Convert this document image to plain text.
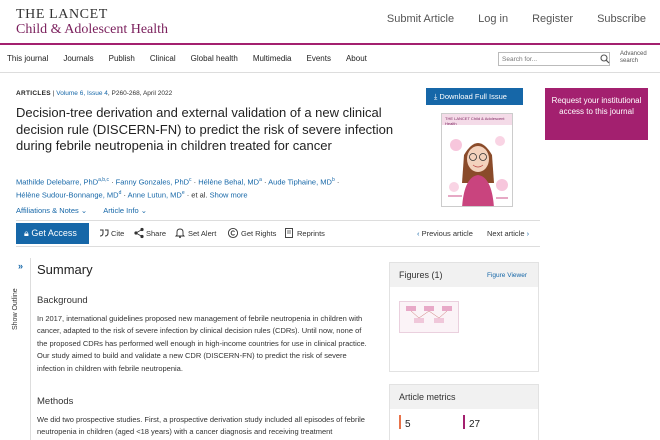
THE LANCET
Child & Adolescent Health
Submit Article Log in Register Subscribe
This journal Journals Publish Clinical Global health Multimedia Events About	Search for...
Advanced search
ARTICLES | Volume 6, Issue 4, P260-268, April 2022
Decision-tree derivation and external validation of a new clinical decision rule (DISCERN-FN) to predict the risk of severe infection during febrile neutropenia in children treated for cancer
Mathilde Delebarre, PhD$^{a,b,c}$ · Fanny Gonzales, PhD$^c$ · Hélène Behal, $MD^a$ · Aude Tiphaine, $MD^b$ ·
Hélène Sudour-Bonnange, $MD^d$ · Anne Lutun, $MD^e$ · et al. Show more
Affiliations & Notes ⌄ Article Info ⌄
⤓ Download Full Issue
THE LANCET Child & Adolescent Health
Request your institutional access to this journal
🔒︎ Get Access	Cite	Share	Set Alert	Get Rights	Reprints	‹ Previous article Next article ›
»
Show Outline
Summary
Background
In 2017, international guidelines proposed new management of febrile neutropenia in children with cancer, adapted to the risk of severe infection by clinical decision rules (CDRs). Until now, none of the proposed CDRs has performed well enough in high-income countries for use in clinical practice. Our study aimed to build and validate a new CDR (DISCERN-FN) to predict the risk of severe infection in children with febrile neutropenia.
Methods
We did two prospective studies. First, a prospective derivation study included all episodes of febrile neutropenia in children (aged <18 years) with a cancer diagnosis and receiving treatment
Figures (1)	Figure Viewer
Article metrics
5	27
